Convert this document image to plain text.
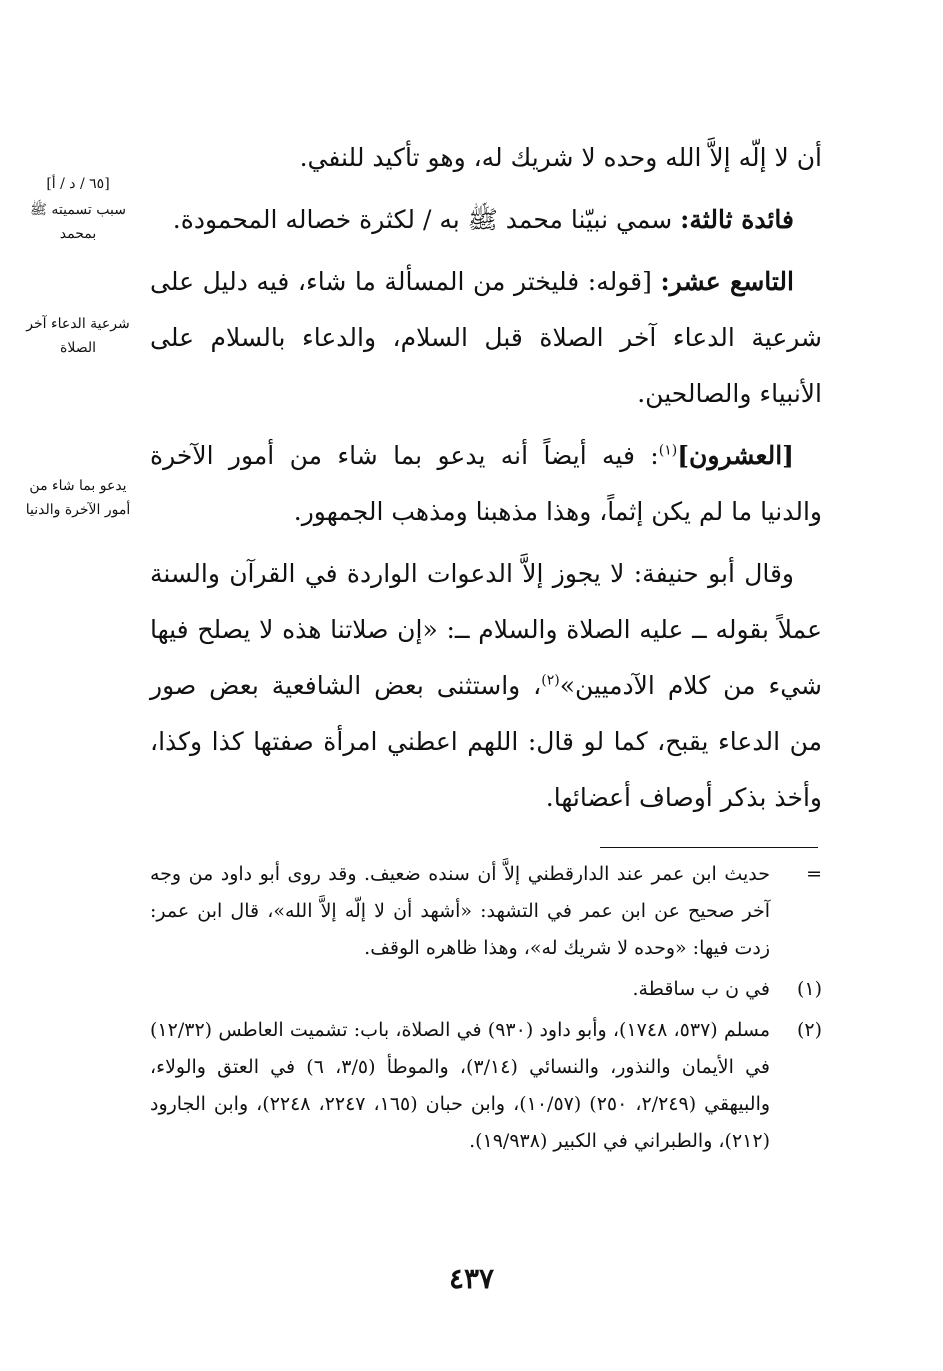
[٦٥ / د / أ]
سبب تسميته ﷺ بمحمد
شرعية الدعاء آخر الصلاة
يدعو بما شاء من أمور الآخرة والدنيا

أن لا إلّه إلاَّ الله وحده لا شريك له، وهو تأكيد للنفي.

فائدة ثالثة: سمي نبيّنا محمد ﷺ به / لكثرة خصاله المحمودة.

التاسع عشر: [قوله: فليختر من المسألة ما شاء، فيه دليل على شرعية الدعاء آخر الصلاة قبل السلام، والدعاء بالسلام على الأنبياء والصالحين.

[العشرون]$^{(١)}$: فيه أيضاً أنه يدعو بما شاء من أمور الآخرة والدنيا ما لم يكن إثماً، وهذا مذهبنا ومذهب الجمهور.

وقال أبو حنيفة: لا يجوز إلاَّ الدعوات الواردة في القرآن والسنة عملاً بقوله ــ عليه الصلاة والسلام ــ: «إن صلاتنا هذه لا يصلح فيها شيء من كلام الآدميين»$^{(٢)}$، واستثنى بعض الشافعية بعض صور من الدعاء يقبح، كما لو قال: اللهم اعطني امرأة صفتها كذا وكذا، وأخذ بذكر أوصاف أعضائها.

=
حديث ابن عمر عند الدارقطني إلاَّ أن سنده ضعيف. وقد روى أبو داود من وجه آخر صحيح عن ابن عمر في التشهد: «أشهد أن لا إلّه إلاَّ الله»، قال ابن عمر: زدت فيها: «وحده لا شريك له»، وهذا ظاهره الوقف.
(١)
في ن ب ساقطة.
(٢)
مسلم (٥٣٧، ١٧٤٨)، وأبو داود (٩٣٠) في الصلاة، باب: تشميت العاطس (١٢/٣٢) في الأيمان والنذور، والنسائي (٣/١٤)، والموطأ (٣/٥، ٦) في العتق والولاء، والبيهقي (٢/٢٤٩، ٢٥٠) (١٠/٥٧)، وابن حبان (١٦٥، ٢٢٤٧، ٢٢٤٨)، وابن الجارود (٢١٢)، والطبراني في الكبير (١٩/٩٣٨).
٤٣٧
